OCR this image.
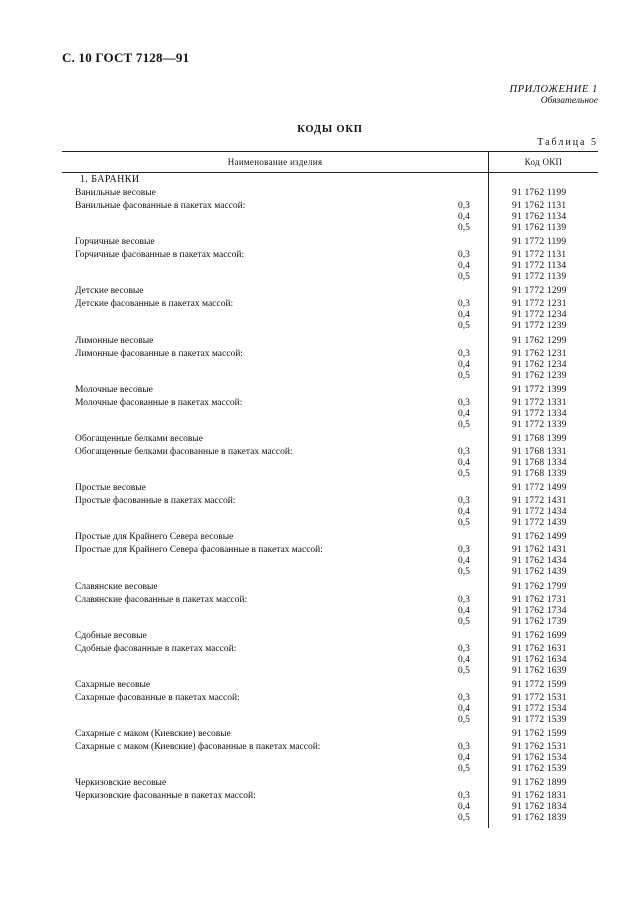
С. 10 ГОСТ 7128—91
ПРИЛОЖЕНИЕ 1
Обязательное
КОДЫ ОКП
Таблица 5
Наименование изделия	Код ОКП
1. БАРАНКИ
Ванильные весовые	91 1762 1199
Ванильные фасованные в пакетах массой:	0,3	91 1762 1131
0,4	91 1762 1134
0,5	91 1762 1139
Горчичные весовые	91 1772 1199
Горчичные фасованные в пакетах массой:	0,3	91 1772 1131
0,4	91 1772 1134
0,5	91 1772 1139
Детские весовые	91 1772 1299
Детские фасованные в пакетах массой:	0,3	91 1772 1231
0,4	91 1772 1234
0,5	91 1772 1239
Лимонные весовые	91 1762 1299
Лимонные фасованные в пакетах массой:	0,3	91 1762 1231
0,4	91 1762 1234
0,5	91 1762 1239
Молочные весовые	91 1772 1399
Молочные фасованные в пакетах массой:	0,3	91 1772 1331
0,4	91 1772 1334
0,5	91 1772 1339
Обогащенные белками весовые	91 1768 1399
Обогащенные белками фасованные в пакетах массой:	0,3	91 1768 1331
0,4	91 1768 1334
0,5	91 1768 1339
Простые весовые	91 1772 1499
Простые фасованные в пакетах массой:	0,3	91 1772 1431
0,4	91 1772 1434
0,5	91 1772 1439
Простые для Крайнего Севера весовые	91 1762 1499
Простые для Крайнего Севера фасованные в пакетах массой:	0,3	91 1762 1431
0,4	91 1762 1434
0,5	91 1762 1439
Славянские весовые	91 1762 1799
Славянские фасованные в пакетах массой:	0,3	91 1762 1731
0,4	91 1762 1734
0,5	91 1762 1739
Сдобные весовые	91 1762 1699
Сдобные фасованные в пакетах массой:	0,3	91 1762 1631
0,4	91 1762 1634
0,5	91 1762 1639
Сахарные весовые	91 1772 1599
Сахарные фасованные в пакетах массой:	0,3	91 1772 1531
0,4	91 1772 1534
0,5	91 1772 1539
Сахарные с маком (Киевские) весовые	91 1762 1599
Сахарные с маком (Киевские) фасованные в пакетах массой:	0,3	91 1762 1531
0,4	91 1762 1534
0,5	91 1762 1539
Черкизовские весовые	91 1762 1899
Черкизовские фасованные в пакетах массой:	0,3	91 1762 1831
0,4	91 1762 1834
0,5	91 1762 1839
